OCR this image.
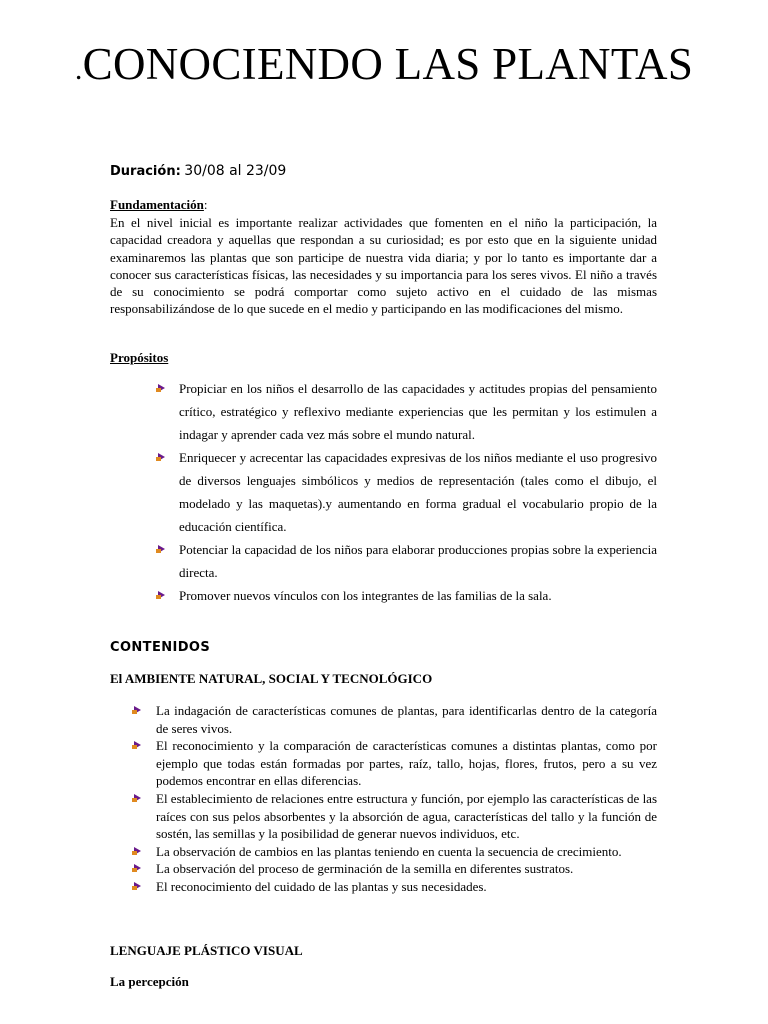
.CONOCIENDO LAS PLANTAS
Duración: 30/08 al 23/09
Fundamentación:
En el nivel inicial es importante realizar actividades que fomenten en el niño la participación, la capacidad creadora y aquellas que respondan a su curiosidad; es por esto que en la siguiente unidad examinaremos las plantas que son participe de nuestra vida diaria; y por lo tanto es importante dar a conocer sus características físicas, las necesidades y su importancia para los seres vivos. El niño a través de su conocimiento se podrá comportar como sujeto activo en el cuidado de las mismas responsabilizándose de lo que sucede en el medio y participando en las modificaciones del mismo.
Propósitos
Propiciar en los niños el desarrollo de las capacidades y actitudes propias del pensamiento crítico, estratégico y reflexivo mediante experiencias que les permitan y los estimulen a indagar y aprender cada vez más sobre el mundo natural.
Enriquecer y acrecentar las capacidades expresivas de los niños mediante el uso progresivo de diversos lenguajes simbólicos y medios de representación (tales como el dibujo, el modelado y las maquetas).y aumentando en forma gradual el vocabulario propio de la educación científica.
Potenciar la capacidad de los niños para elaborar producciones propias sobre la experiencia directa.
Promover nuevos vínculos con los integrantes de las familias de la sala.
CONTENIDOS
El AMBIENTE NATURAL, SOCIAL Y TECNOLÓGICO
La indagación de características comunes de plantas, para identificarlas dentro de la categoría de seres vivos.
El reconocimiento y la comparación de características comunes a distintas plantas, como por ejemplo que todas están formadas por partes, raíz, tallo, hojas, flores, frutos, pero a su vez podemos encontrar en ellas diferencias.
El establecimiento de relaciones entre estructura y función, por ejemplo las características de las raíces con sus pelos absorbentes y la absorción de agua, características del tallo y la función de sostén, las semillas y la posibilidad de generar nuevos individuos, etc.
La observación de cambios en las plantas teniendo en cuenta la secuencia de crecimiento.
La observación del proceso de germinación de la semilla en diferentes sustratos.
El reconocimiento del cuidado de las plantas y sus necesidades.
LENGUAJE PLÁSTICO VISUAL
La percepción
